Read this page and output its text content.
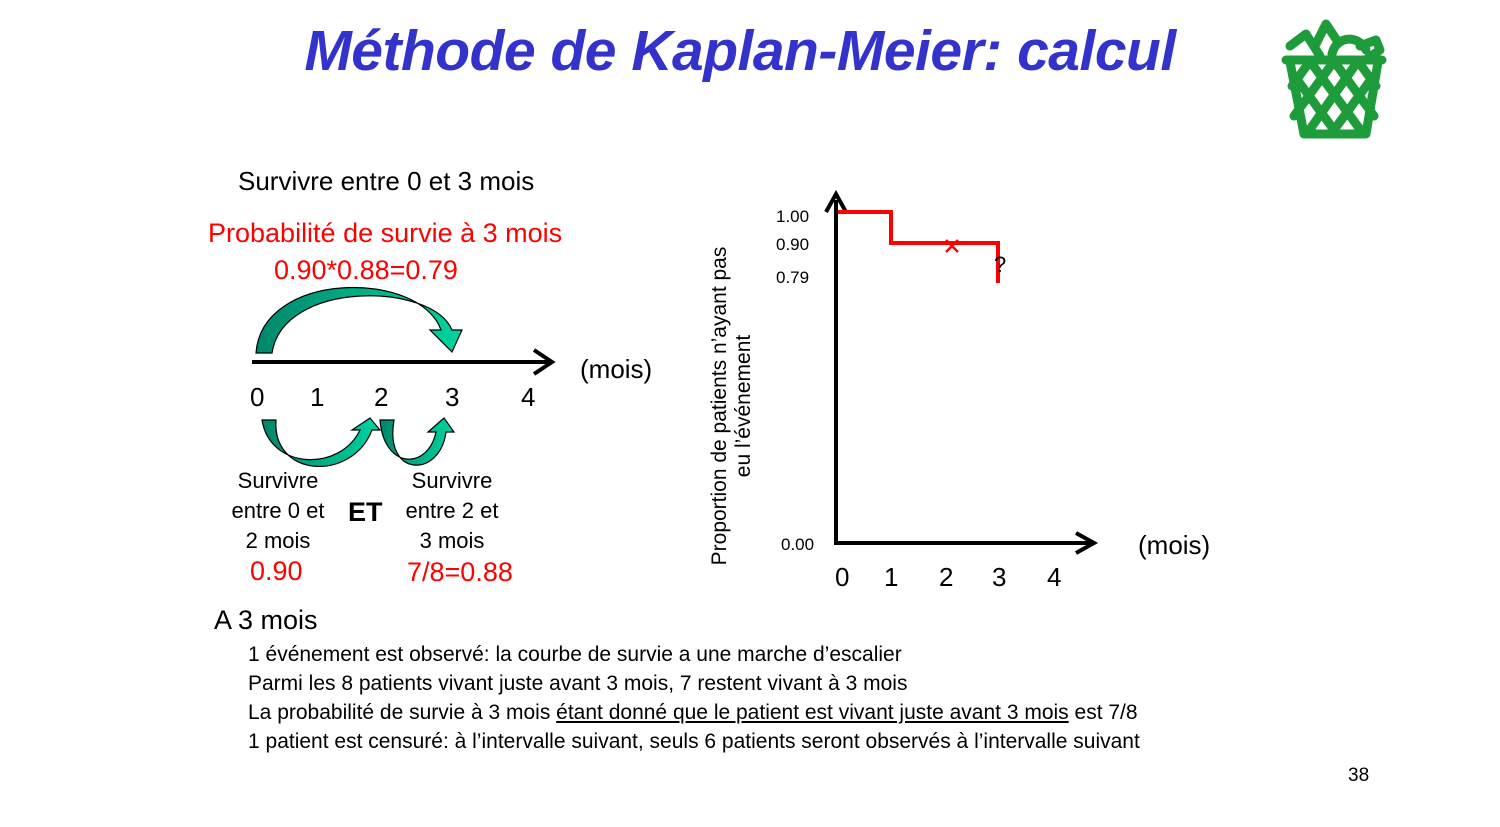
Méthode de Kaplan-Meier: calcul
Survivre entre 0 et 3 mois
Probabilité de survie à 3 mois
0.90*0.88=0.79
(mois)
0 1 2 3 4
Survivre
entre 0 et
2 mois
0.90
ET
Survivre
entre 2 et
3 mois
7/8=0.88
?
1.00
0.90
0.79
0.00
Proportion de patients n’ayant pas eu l’événement
(mois)
0 1 2 3 4
A 3 mois
1 événement est observé: la courbe de survie a une marche d’escalier
Parmi les 8 patients vivant juste avant 3 mois, 7 restent vivant à 3 mois
La probabilité de survie à 3 mois étant donné que le patient est vivant juste avant 3 mois est 7/8
1 patient est censuré: à l’intervalle suivant, seuls 6 patients seront observés à l’intervalle suivant
38
